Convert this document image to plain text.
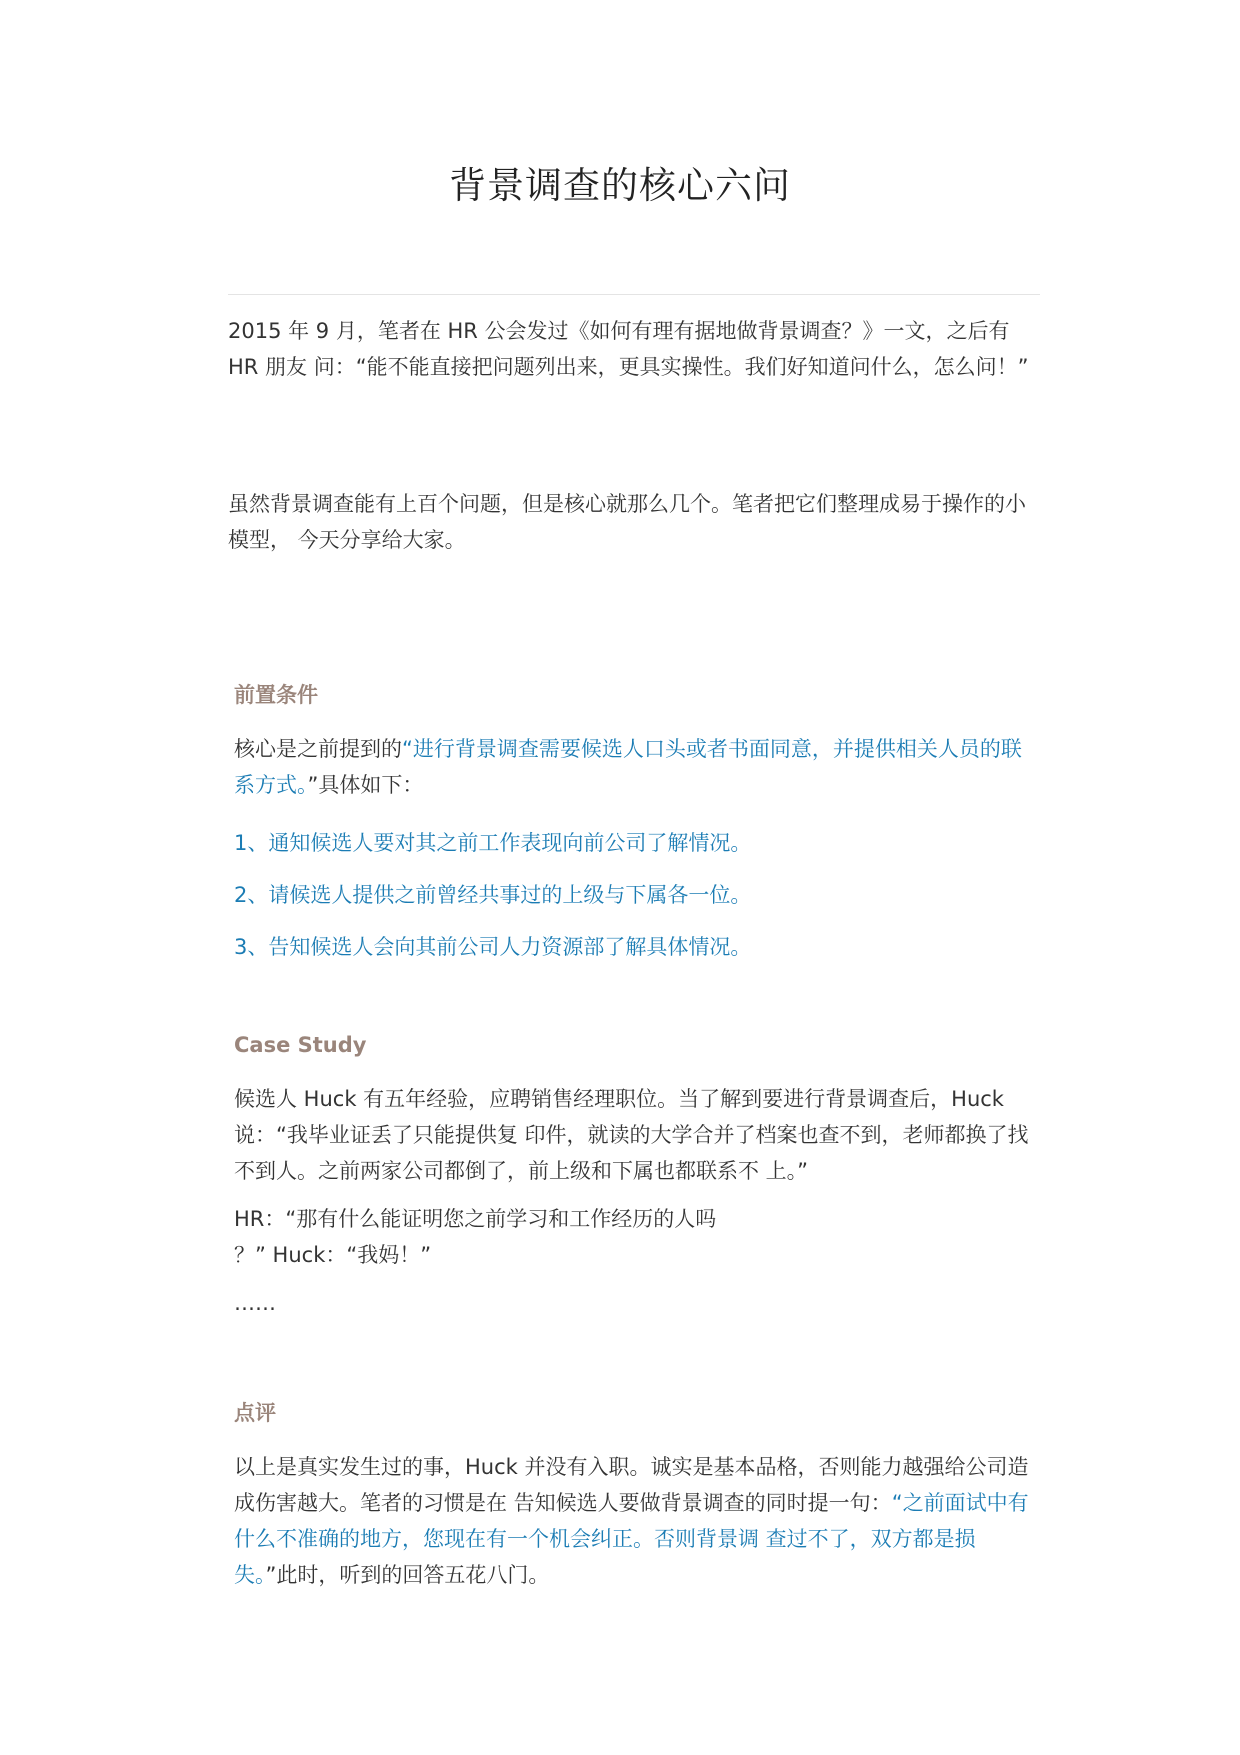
背景调查的核心六问

2015 年 9 月，笔者在 HR 公会发过《如何有理有据地做背景调查？》一文，之后有 HR 朋友 问：“能不能直接把问题列出来，更具实操性。我们好知道问什么，怎么问！”

虽然背景调查能有上百个问题，但是核心就那么几个。笔者把它们整理成易于操作的小模型， 今天分享给大家。

前置条件

核心是之前提到的“进行背景调查需要候选人口头或者书面同意，并提供相关人员的联系方式。”具体如下：

1、通知候选人要对其之前工作表现向前公司了解情况。

2、请候选人提供之前曾经共事过的上级与下属各一位。

3、告知候选人会向其前公司人力资源部了解具体情况。

Case Study

候选人 Huck 有五年经验，应聘销售经理职位。当了解到要进行背景调查后，Huck 说：“我毕业证丢了只能提供复 印件，就读的大学合并了档案也查不到，老师都换了找不到人。之前两家公司都倒了，前上级和下属也都联系不 上。”

HR：“那有什么能证明您之前学习和工作经历的人吗

？” Huck：“我妈！”

……

点评

以上是真实发生过的事，Huck 并没有入职。诚实是基本品格，否则能力越强给公司造成伤害越大。笔者的习惯是在 告知候选人要做背景调查的同时提一句：“之前面试中有什么不准确的地方，您现在有一个机会纠正。否则背景调 查过不了，双方都是损失。”此时，听到的回答五花八门。
